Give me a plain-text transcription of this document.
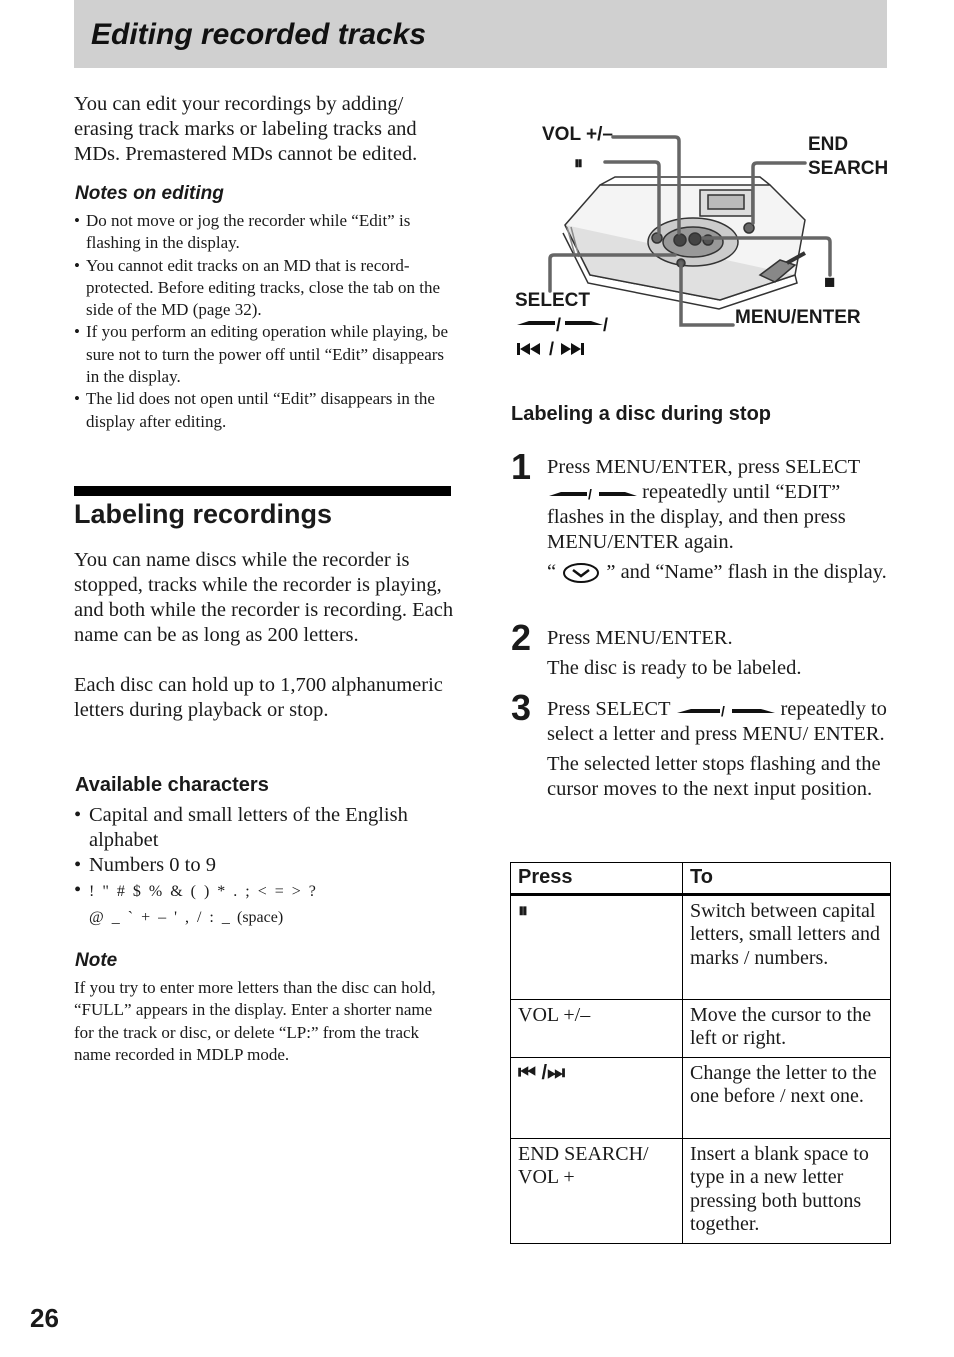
Editing recorded tracks
You can edit your recordings by adding/ erasing track marks or labeling tracks and MDs. Premastered MDs cannot be edited.
Notes on editing
• Do not move or jog the recorder while “Edit” is flashing in the display.
• You cannot edit tracks on an MD that is record-protected. Before editing tracks, close the tab on the side of the MD (page 32).
• If you perform an editing operation while playing, be sure not to turn the power off until “Edit” disappears in the display.
• The lid does not open until “Edit” disappears in the display after editing.
Labeling recordings
You can name discs while the recorder is stopped, tracks while the recorder is playing, and both while the recorder is recording. Each name can be as long as 200 letters.
Each disc can hold up to 1,700 alphanumeric letters during playback or stop.
Available characters
• Capital and small letters of the English alphabet
• Numbers 0 to 9
• ! " # $ % & ( ) * . ; < = > ?
@ _ ` + – ' , / : _ (space)
Note
If you try to enter more letters than the disc can hold, “FULL” appears in the display. Enter a shorter name for the track or disc, or delete “LP:” from the track name recorded in MDLP mode.
26
VOL +/–
⏸
END
SEARCH
■
SELECT
/ /
/
MENU/ENTER
Labeling a disc during stop
1 Press MENU/ENTER, press SELECT
/ repeatedly until “EDIT” flashes in the display, and then press MENU/ENTER again.

“ ” and “Name” flash in the display.

2 Press MENU/ENTER.

The disc is ready to be labeled.

3 Press SELECT	/	repeatedly to select a letter and press MENU/ ENTER.

The selected letter stops flashing and the cursor moves to the next input position.

Press	To
⏸	Switch between capital letters, small letters and marks / numbers.
VOL +/–	Move the cursor to the left or right.
⏮ /⏭	Change the letter to the one before / next one.
END SEARCH/ VOL +	Insert a blank space to type in a new letter pressing both buttons together.
